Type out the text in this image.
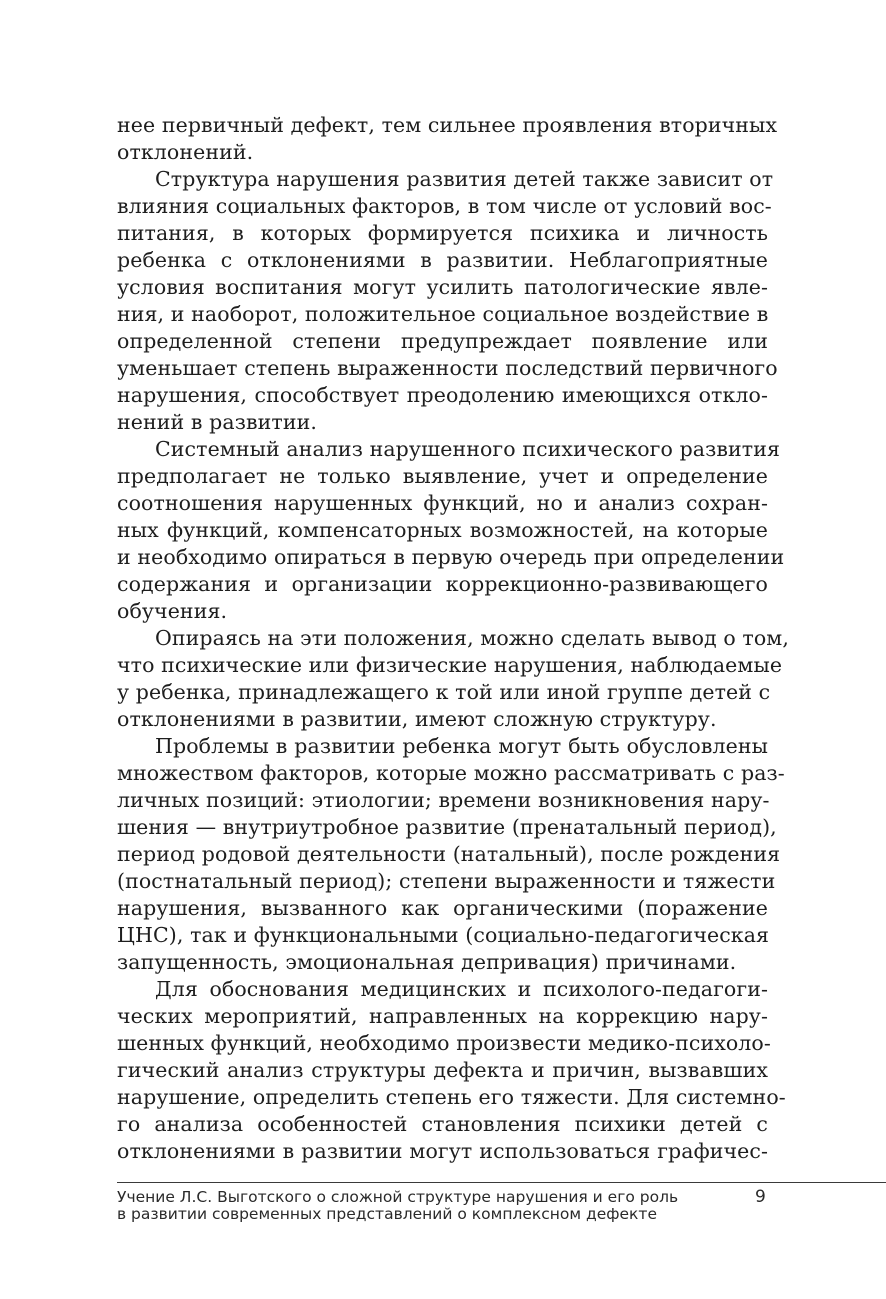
нее первичный дефект, тем сильнее проявления вторичных
отклонений.
Структура нарушения развития детей также зависит от
влияния социальных факторов, в том числе от условий вос-
питания, в которых формируется психика и личность
ребенка с отклонениями в развитии. Неблагоприятные
условия воспитания могут усилить патологические явле-
ния, и наоборот, положительное социальное воздействие в
определенной степени предупреждает появление или
уменьшает степень выраженности последствий первичного
нарушения, способствует преодолению имеющихся откло-
нений в развитии.
Системный анализ нарушенного психического развития
предполагает не только выявление, учет и определение
соотношения нарушенных функций, но и анализ сохран-
ных функций, компенсаторных возможностей, на которые
и необходимо опираться в первую очередь при определении
содержания и организации коррекционно-развивающего
обучения.
Опираясь на эти положения, можно сделать вывод о том,
что психические или физические нарушения, наблюдаемые
у ребенка, принадлежащего к той или иной группе детей с
отклонениями в развитии, имеют сложную структуру.
Проблемы в развитии ребенка могут быть обусловлены
множеством факторов, которые можно рассматривать с раз-
личных позиций: этиологии; времени возникновения нару-
шения — внутриутробное развитие (пренатальный период),
период родовой деятельности (натальный), после рождения
(постнатальный период); степени выраженности и тяжести
нарушения, вызванного как органическими (поражение
ЦНС), так и функциональными (социально-педагогическая
запущенность, эмоциональная депривация) причинами.
Для обоснования медицинских и психолого-педагоги-
ческих мероприятий, направленных на коррекцию нару-
шенных функций, необходимо произвести медико-психоло-
гический анализ структуры дефекта и причин, вызвавших
нарушение, определить степень его тяжести. Для системно-
го анализа особенностей становления психики детей с
отклонениями в развитии могут использоваться графичес-
Учение Л.С. Выготского о сложной структуре нарушения и его роль
в развитии современных представлений о комплексном дефекте
9
